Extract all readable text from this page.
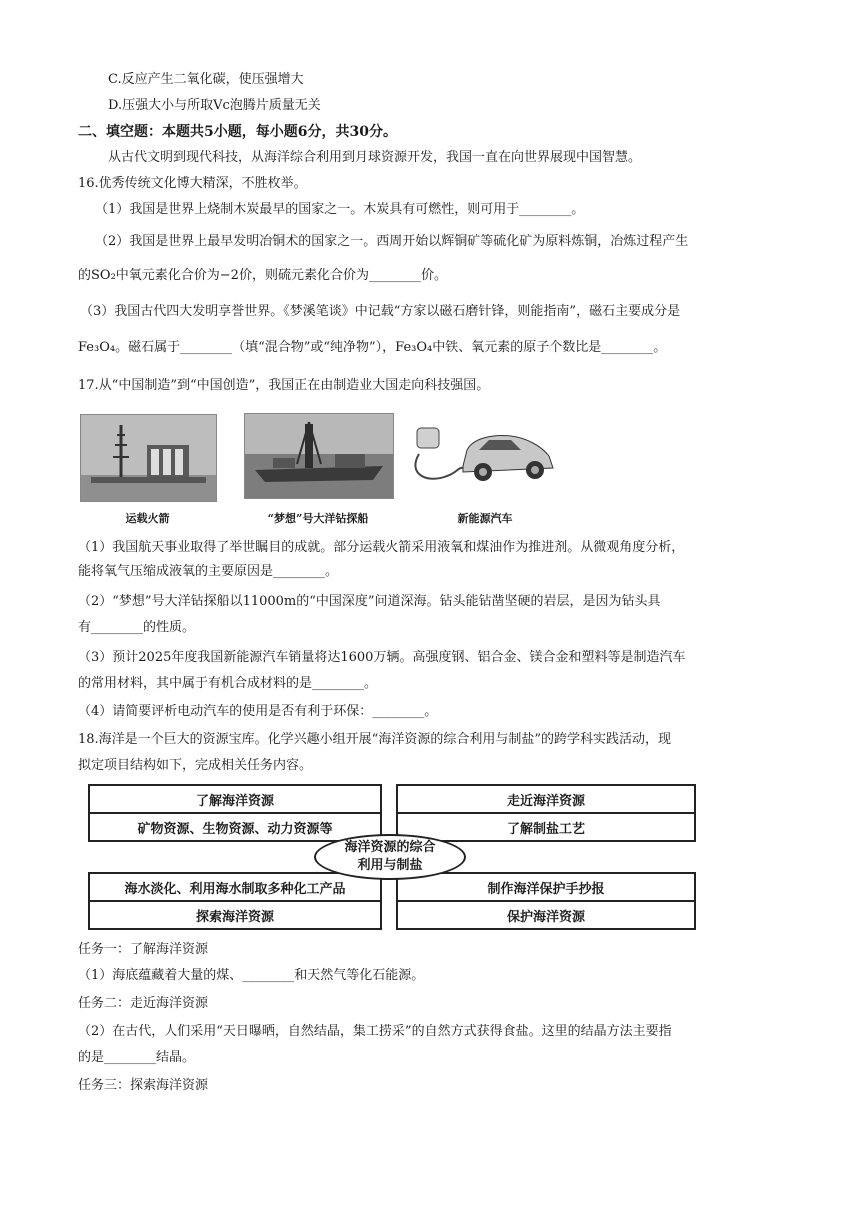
C.反应产生二氧化碳，使压强增大
D.压强大小与所取Vc泡腾片质量无关
二、填空题：本题共5小题，每小题6分，共30分。
从古代文明到现代科技，从海洋综合利用到月球资源开发，我国一直在向世界展现中国智慧。
16.优秀传统文化博大精深，不胜枚举。
（1）我国是世界上烧制木炭最早的国家之一。木炭具有可燃性，则可用于________。
（2）我国是世界上最早发明冶铜术的国家之一。西周开始以辉铜矿等硫化矿为原料炼铜，冶炼过程产生
的SO₂中氧元素化合价为−2价，则硫元素化合价为________价。
（3）我国古代四大发明享誉世界。《梦溪笔谈》中记载“方家以磁石磨针锋，则能指南”，磁石主要成分是
Fe₃O₄。磁石属于________（填“混合物”或“纯净物”），Fe₃O₄中铁、氧元素的原子个数比是________。
17.从“中国制造”到“中国创造”，我国正在由制造业大国走向科技强国。
运载火箭	“梦想”号大洋钻探船	新能源汽车
（1）我国航天事业取得了举世瞩目的成就。部分运载火箭采用液氧和煤油作为推进剂。从微观角度分析，
能将氧气压缩成液氧的主要原因是________。
（2）“梦想”号大洋钻探船以11000m的“中国深度”问道深海。钻头能钻凿坚硬的岩层，是因为钻头具
有________的性质。
（3）预计2025年度我国新能源汽车销量将达1600万辆。高强度钢、铝合金、镁合金和塑料等是制造汽车
的常用材料，其中属于有机合成材料的是________。
（4）请简要评析电动汽车的使用是否有利于环保：________。
18.海洋是一个巨大的资源宝库。化学兴趣小组开展“海洋资源的综合利用与制盐”的跨学科实践活动，现
拟定项目结构如下，完成相关任务内容。
了解海洋资源
矿物资源、生物资源、动力资源等
走近海洋资源
了解制盐工艺
海水淡化、利用海水制取多种化工产品
探索海洋资源
制作海洋保护手抄报
保护海洋资源
海洋资源的综合
利用与制盐
任务一：了解海洋资源
（1）海底蕴藏着大量的煤、________和天然气等化石能源。
任务二：走近海洋资源
（2）在古代，人们采用“天日曝晒，自然结晶，集工捞采”的自然方式获得食盐。这里的结晶方法主要指
的是________结晶。
任务三：探索海洋资源
